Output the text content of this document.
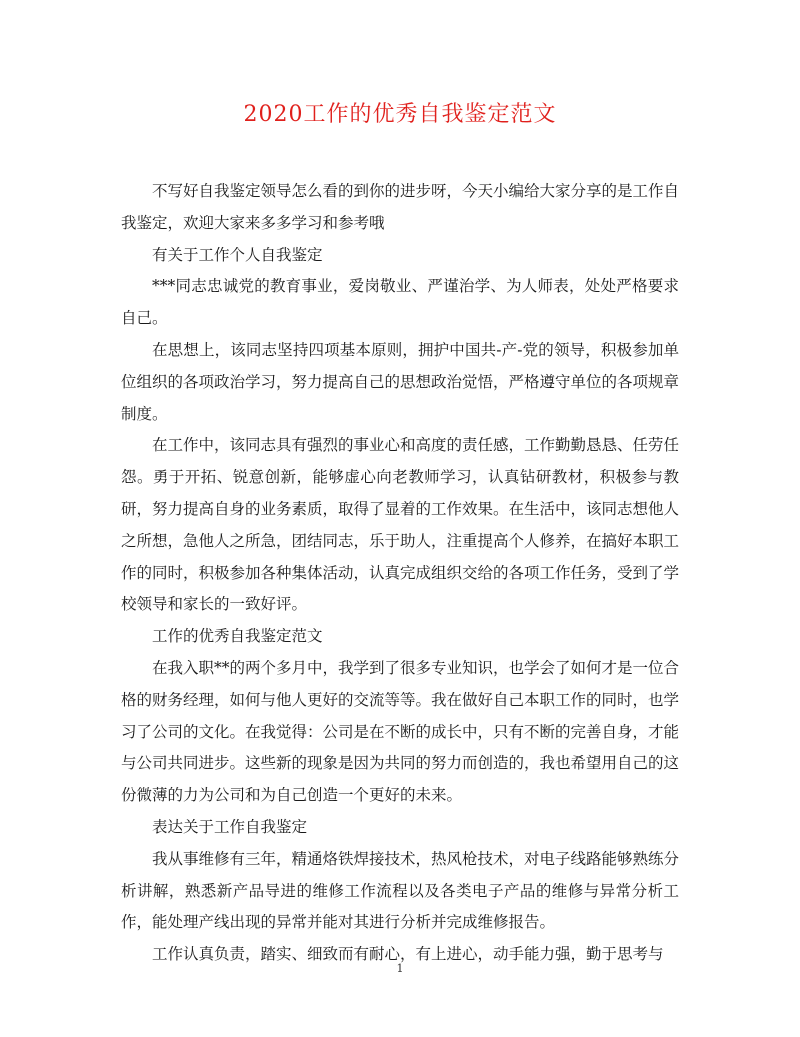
2020工作的优秀自我鉴定范文

不写好自我鉴定领导怎么看的到你的进步呀，今天小编给大家分享的是工作自我鉴定，欢迎大家来多多学习和参考哦

有关于工作个人自我鉴定

***同志忠诚党的教育事业，爱岗敬业、严谨治学、为人师表，处处严格要求自己。

在思想上，该同志坚持四项基本原则，拥护中国共-产-党的领导，积极参加单位组织的各项政治学习，努力提高自己的思想政治觉悟，严格遵守单位的各项规章制度。

在工作中，该同志具有强烈的事业心和高度的责任感，工作勤勤恳恳、任劳任怨。勇于开拓、锐意创新，能够虚心向老教师学习，认真钻研教材，积极参与教研，努力提高自身的业务素质，取得了显着的工作效果。在生活中，该同志想他人之所想，急他人之所急，团结同志，乐于助人，注重提高个人修养，在搞好本职工作的同时，积极参加各种集体活动，认真完成组织交给的各项工作任务，受到了学校领导和家长的一致好评。

工作的优秀自我鉴定范文

在我入职**的两个多月中，我学到了很多专业知识，也学会了如何才是一位合格的财务经理，如何与他人更好的交流等等。我在做好自己本职工作的同时，也学习了公司的文化。在我觉得：公司是在不断的成长中，只有不断的完善自身，才能与公司共同进步。这些新的现象是因为共同的努力而创造的，我也希望用自己的这份微薄的力为公司和为自己创造一个更好的未来。

表达关于工作自我鉴定

我从事维修有三年，精通烙铁焊接技术，热风枪技术，对电子线路能够熟练分析讲解，熟悉新产品导进的维修工作流程以及各类电子产品的维修与异常分析工作，能处理产线出现的异常并能对其进行分析并完成维修报告。

工作认真负责，踏实、细致而有耐心，有上进心，动手能力强，勤于思考与

1
